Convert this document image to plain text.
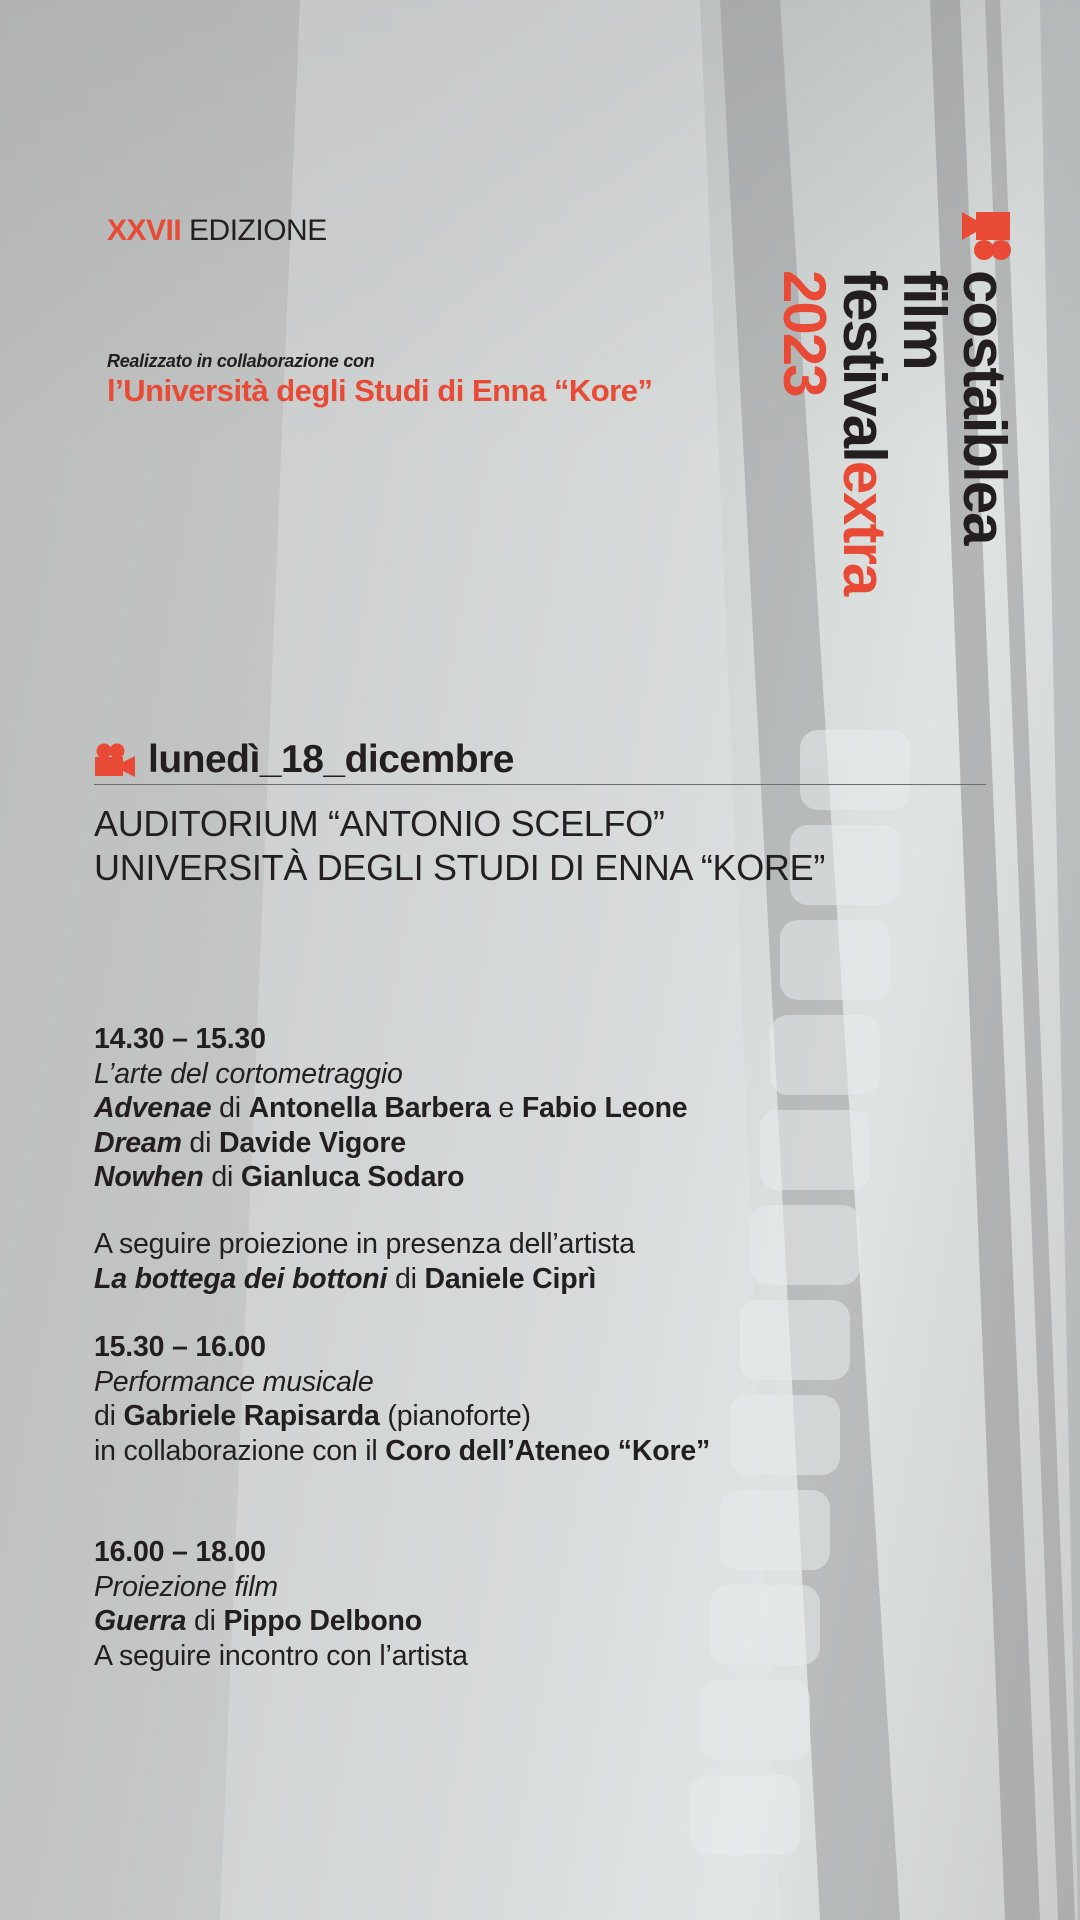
XXVII EDIZIONE
Realizzato in collaborazione con
l’Università degli Studi di Enna “Kore”	costaiblea
film
festivalextra
2023
lunedì_18_dicembre
AUDITORIUM “ANTONIO SCELFO”
UNIVERSITÀ DEGLI STUDI DI ENNA “KORE”

14.30 – 15.30

L’arte del cortometraggio

Advenae di Antonella Barbera e Fabio Leone

Dream di Davide Vigore

Nowhen di Gianluca Sodaro

A seguire proiezione in presenza dell’artista

La bottega dei bottoni di Daniele Ciprì

15.30 – 16.00

Performance musicale

di Gabriele Rapisarda (pianoforte)

in collaborazione con il Coro dell’Ateneo “Kore”

16.00 – 18.00

Proiezione film

Guerra di Pippo Delbono

A seguire incontro con l’artista
